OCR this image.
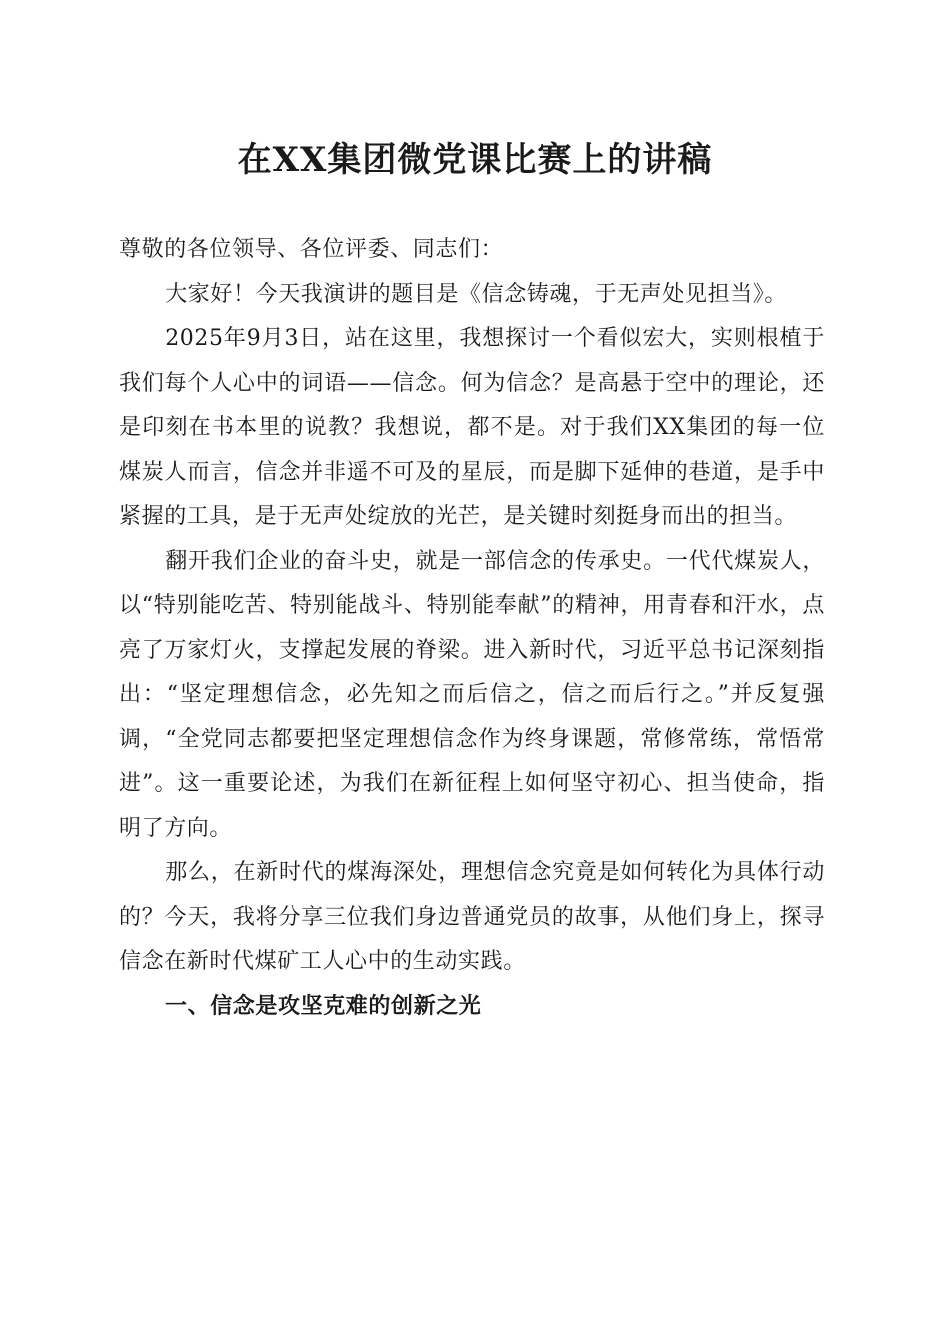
在XX集团微党课比赛上的讲稿

尊敬的各位领导、各位评委、同志们：

大家好！今天我演讲的题目是《信念铸魂，于无声处见担当》。

2025年9月3日，站在这里，我想探讨一个看似宏大，实则根植于我们每个人心中的词语——信念。何为信念？是高悬于空中的理论，还是印刻在书本里的说教？我想说，都不是。对于我们XX集团的每一位煤炭人而言，信念并非遥不可及的星辰，而是脚下延伸的巷道，是手中紧握的工具，是于无声处绽放的光芒，是关键时刻挺身而出的担当。

翻开我们企业的奋斗史，就是一部信念的传承史。一代代煤炭人，以“特别能吃苦、特别能战斗、特别能奉献”的精神，用青春和汗水，点亮了万家灯火，支撑起发展的脊梁。进入新时代，习近平总书记深刻指出：“坚定理想信念，必先知之而后信之，信之而后行之。”并反复强调，“全党同志都要把坚定理想信念作为终身课题，常修常练，常悟常进”。这一重要论述，为我们在新征程上如何坚守初心、担当使命，指明了方向。

那么，在新时代的煤海深处，理想信念究竟是如何转化为具体行动的？今天，我将分享三位我们身边普通党员的故事，从他们身上，探寻信念在新时代煤矿工人心中的生动实践。

一、信念是攻坚克难的创新之光
